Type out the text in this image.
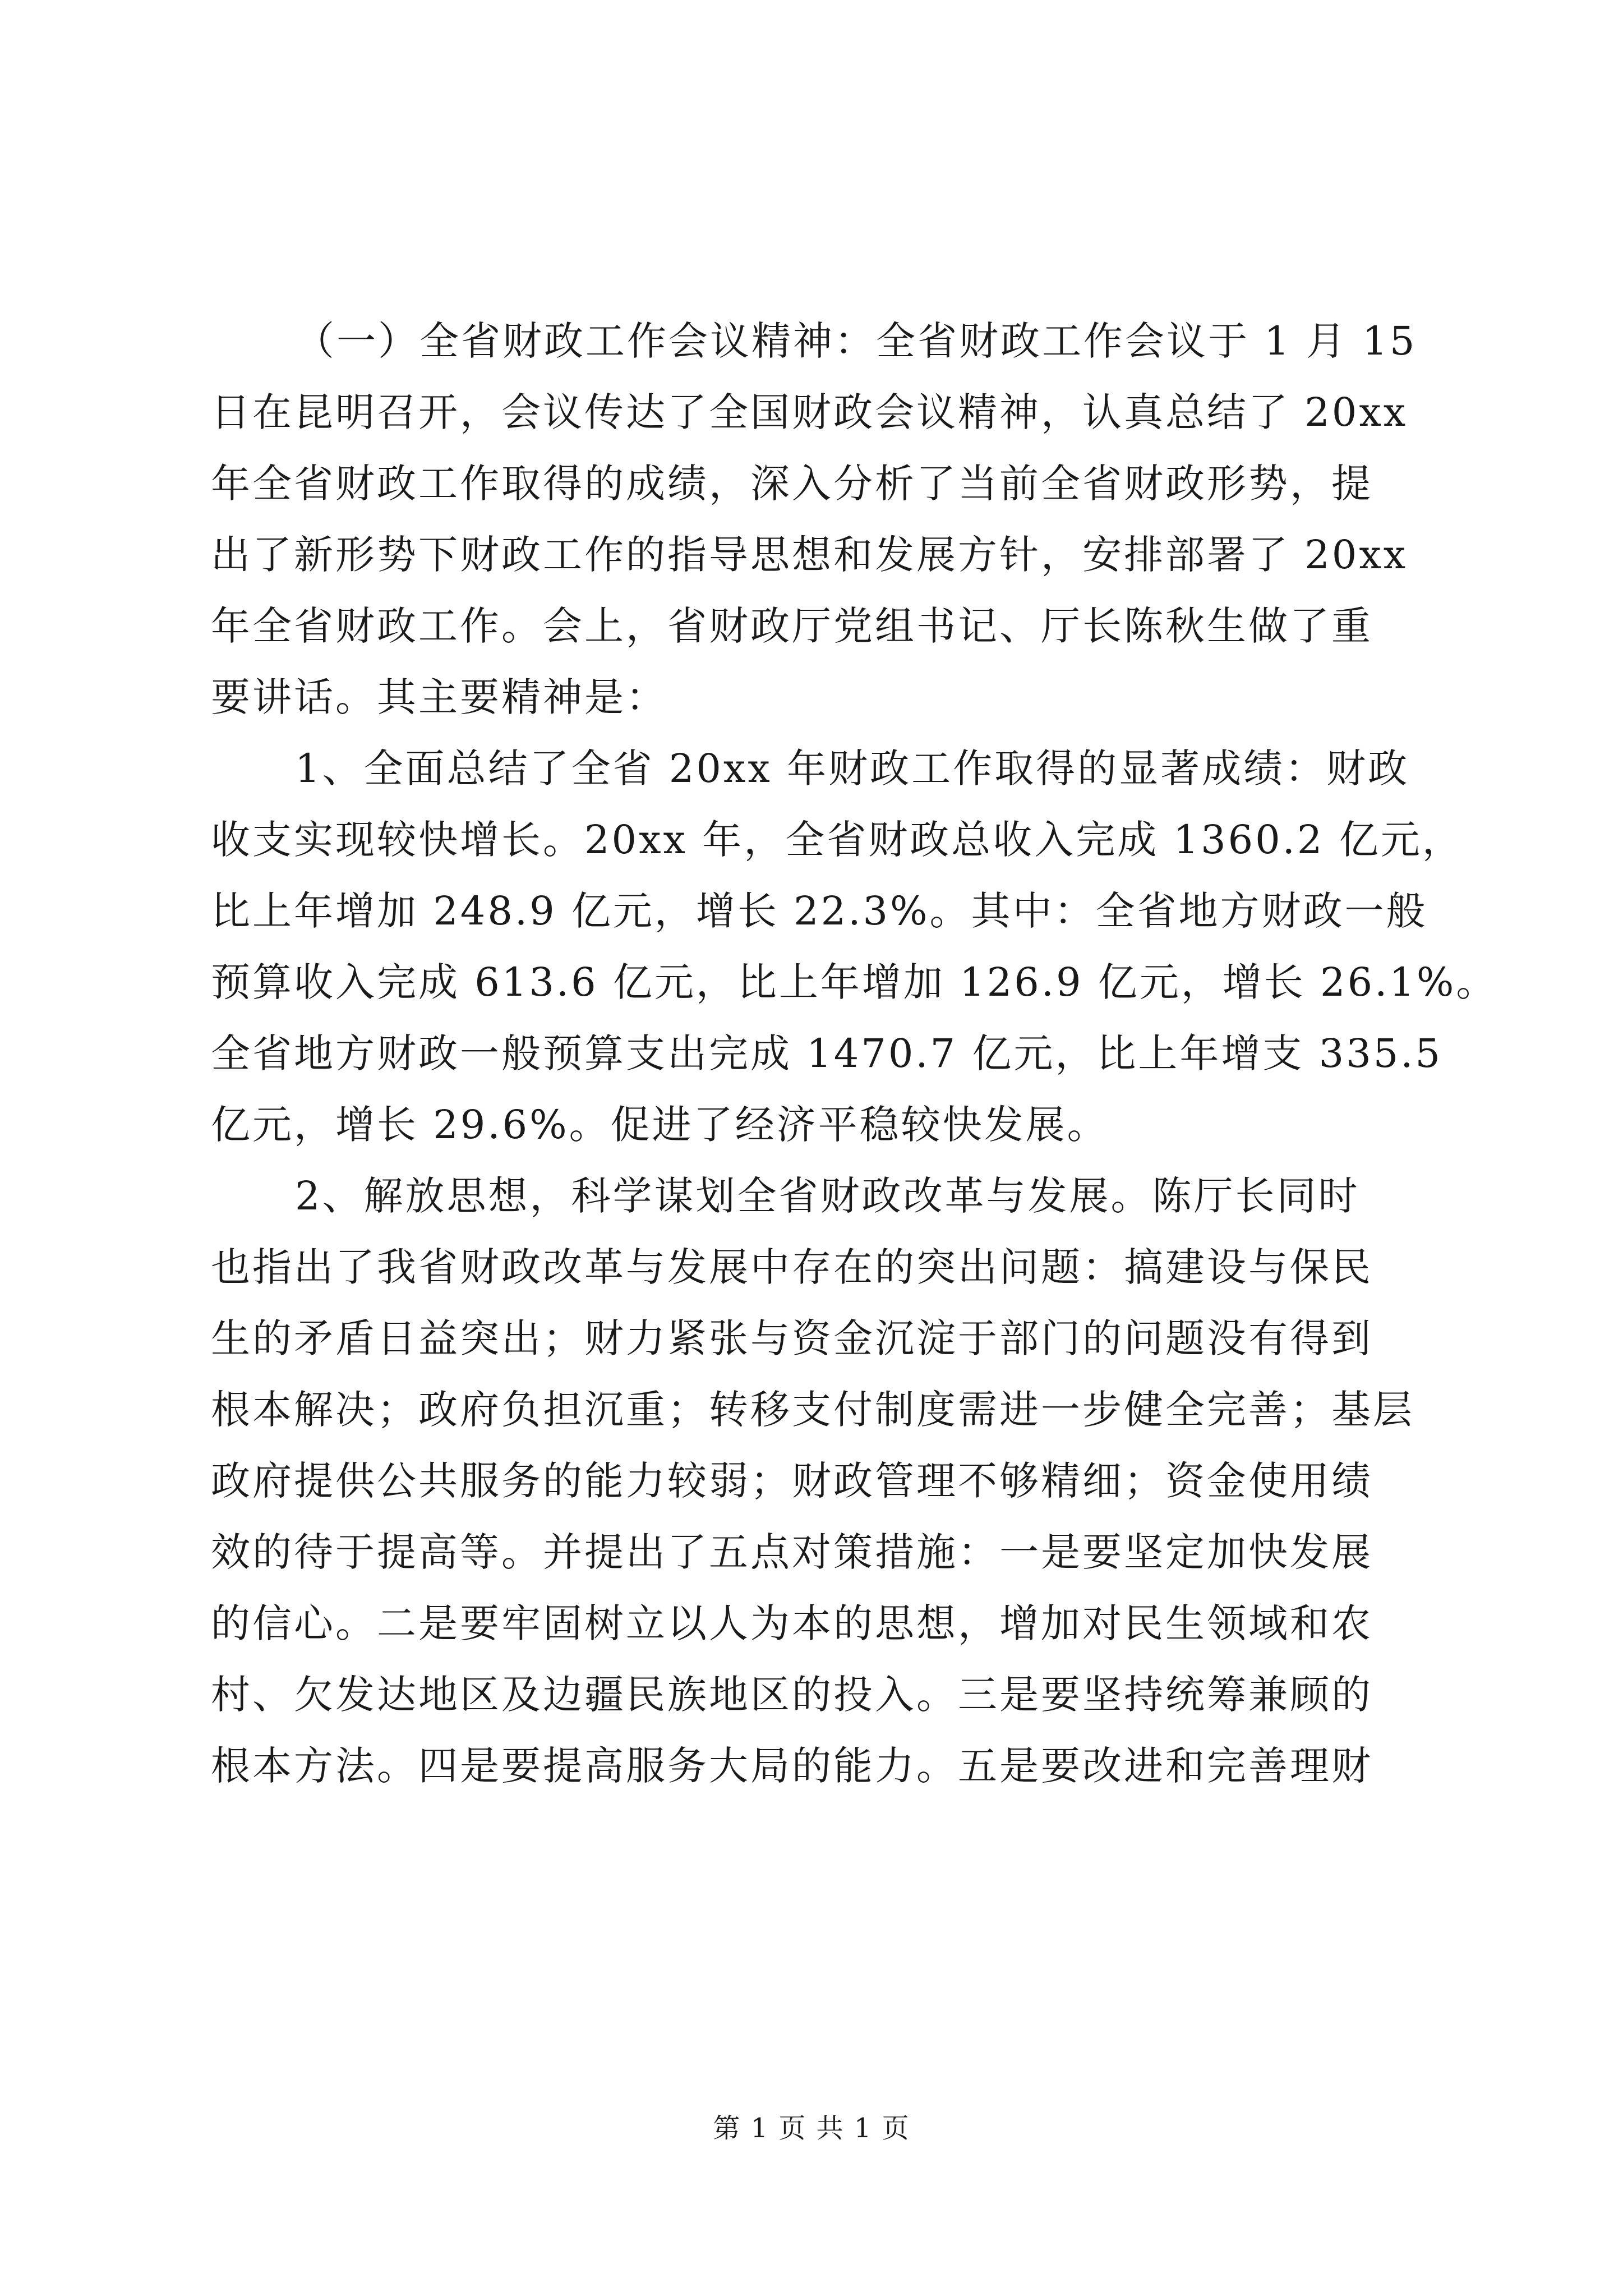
（一）全省财政工作会议精神：全省财政工作会议于 1 月 15
日在昆明召开，会议传达了全国财政会议精神，认真总结了 20xx
年全省财政工作取得的成绩，深入分析了当前全省财政形势，提
出了新形势下财政工作的指导思想和发展方针，安排部署了 20xx
年全省财政工作。会上，省财政厅党组书记、厅长陈秋生做了重
要讲话。其主要精神是：
1、全面总结了全省 20xx 年财政工作取得的显著成绩：财政
收支实现较快增长。20xx 年，全省财政总收入完成 1360.2 亿元，
比上年增加 248.9 亿元，增长 22.3%。其中：全省地方财政一般
预算收入完成 613.6 亿元，比上年增加 126.9 亿元，增长 26.1%。
全省地方财政一般预算支出完成 1470.7 亿元，比上年增支 335.5
亿元，增长 29.6%。促进了经济平稳较快发展。
2、解放思想，科学谋划全省财政改革与发展。陈厅长同时
也指出了我省财政改革与发展中存在的突出问题：搞建设与保民
生的矛盾日益突出；财力紧张与资金沉淀于部门的问题没有得到
根本解决；政府负担沉重；转移支付制度需进一步健全完善；基层
政府提供公共服务的能力较弱；财政管理不够精细；资金使用绩
效的待于提高等。并提出了五点对策措施：一是要坚定加快发展
的信心。二是要牢固树立以人为本的思想，增加对民生领域和农
村、欠发达地区及边疆民族地区的投入。三是要坚持统筹兼顾的
根本方法。四是要提高服务大局的能力。五是要改进和完善理财
第 1 页 共 1 页
